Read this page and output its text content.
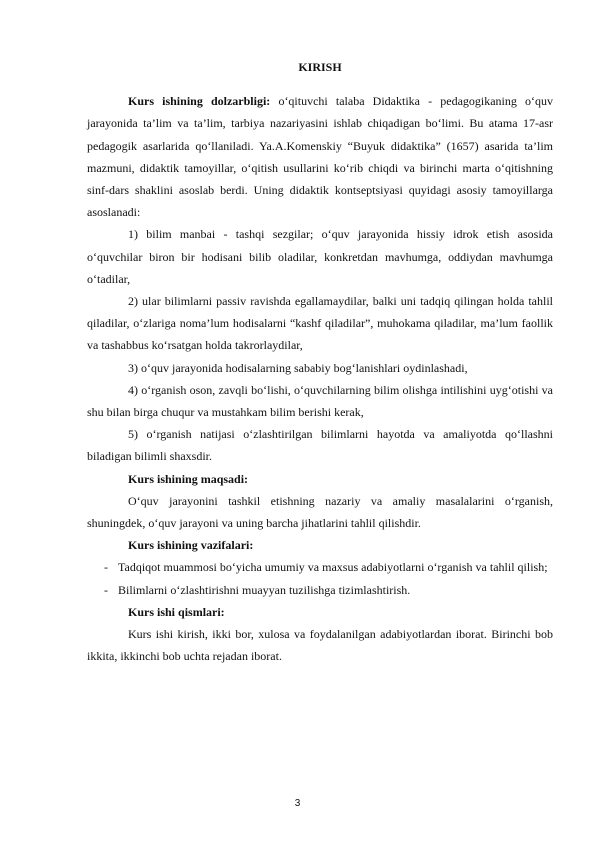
KIRISH

Kurs ishining dolzarbligi: o‘qituvchi talaba Didaktika - pedagogikaning o‘quv jarayonida ta’lim va ta’lim, tarbiya nazariyasini ishlab chiqadigan bo‘limi. Bu atama 17-asr pedagogik asarlarida qo‘llaniladi. Ya.A.Komenskiy “Buyuk didaktika” (1657) asarida ta’lim mazmuni, didaktik tamoyillar, o‘qitish usullarini ko‘rib chiqdi va birinchi marta o‘qitishning sinf-dars shaklini asoslab berdi. Uning didaktik kontseptsiyasi quyidagi asosiy tamoyillarga asoslanadi:

1) bilim manbai - tashqi sezgilar; o‘quv jarayonida hissiy idrok etish asosida o‘quvchilar biron bir hodisani bilib oladilar, konkretdan mavhumga, oddiydan mavhumga o‘tadilar,

2) ular bilimlarni passiv ravishda egallamaydilar, balki uni tadqiq qilingan holda tahlil qiladilar, o‘zlariga noma’lum hodisalarni “kashf qiladilar”, muhokama qiladilar, ma’lum faollik va tashabbus ko‘rsatgan holda takrorlaydilar,

3) o‘quv jarayonida hodisalarning sababiy bog‘lanishlari oydinlashadi,

4) o‘rganish oson, zavqli bo‘lishi, o‘quvchilarning bilim olishga intilishini uyg‘otishi va shu bilan birga chuqur va mustahkam bilim berishi kerak,

5) o‘rganish natijasi o‘zlashtirilgan bilimlarni hayotda va amaliyotda qo‘llashni biladigan bilimli shaxsdir.

Kurs ishining maqsadi:

O‘quv jarayonini tashkil etishning nazariy va amaliy masalalarini o‘rganish, shuningdek, o‘quv jarayoni va uning barcha jihatlarini tahlil qilishdir.

Kurs ishining vazifalari:

- Tadqiqot muammosi bo‘yicha umumiy va maxsus adabiyotlarni o‘rganish va tahlil qilish;

- Bilimlarni o‘zlashtirishni muayyan tuzilishga tizimlashtirish.

Kurs ishi qismlari:

Kurs ishi kirish, ikki bor, xulosa va foydalanilgan adabiyotlardan iborat. Birinchi bob ikkita, ikkinchi bob uchta rejadan iborat.

3
